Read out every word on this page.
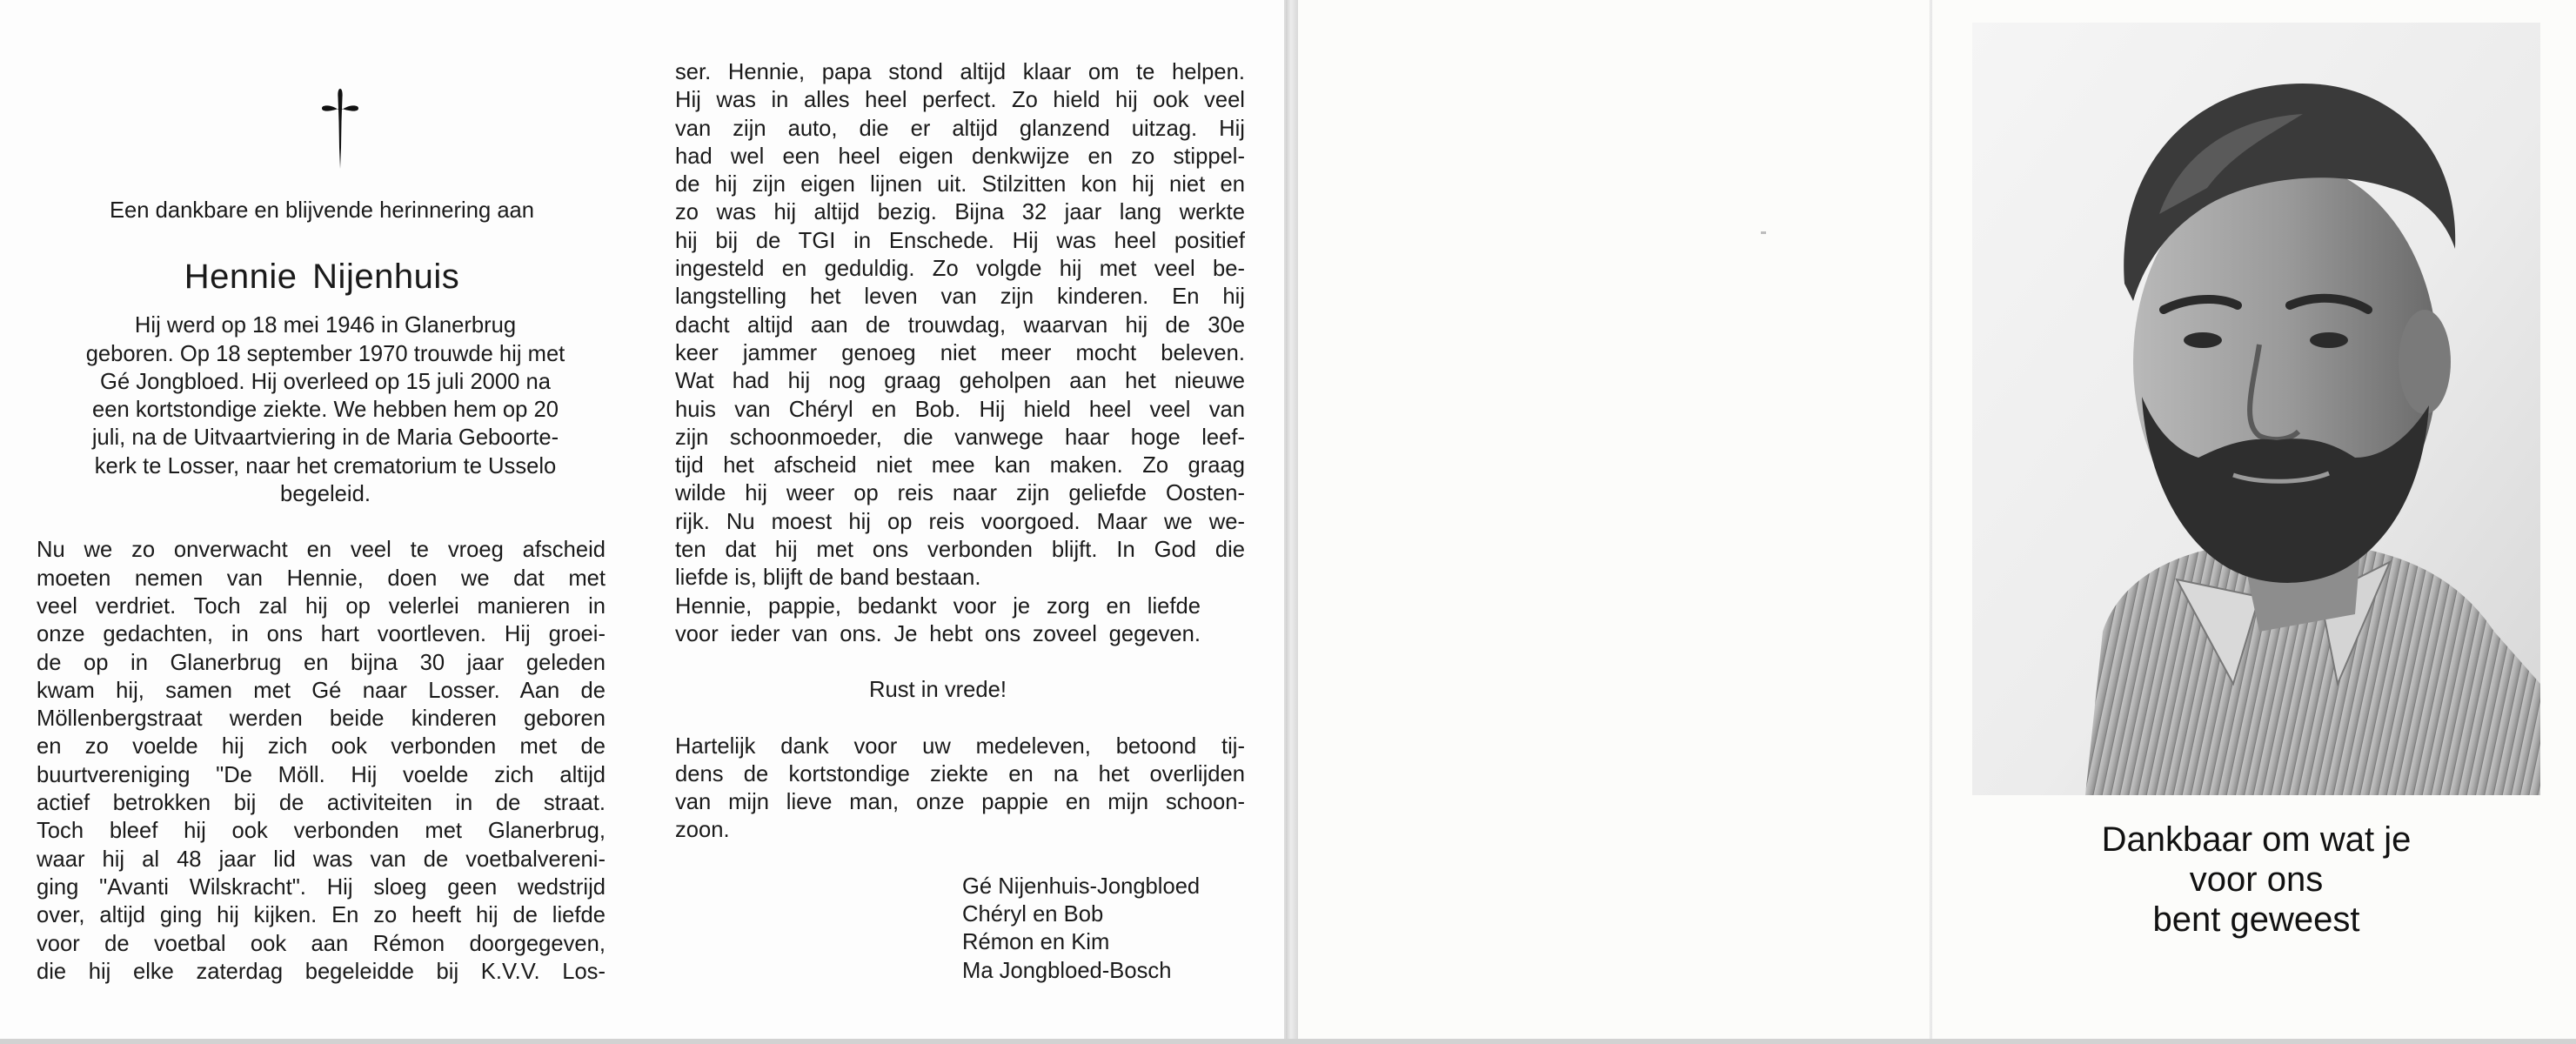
Een dankbare en blijvende herinnering aan
Hennie Nijenhuis
Hij werd op 18 mei 1946 in Glanerbrug
geboren. Op 18 september 1970 trouwde hij met
Gé Jongbloed. Hij overleed op 15 juli 2000 na
een kortstondige ziekte. We hebben hem op 20
juli, na de Uitvaartviering in de Maria Geboorte-
kerk te Losser, naar het crematorium te Usselo
begeleid.
Nu we zo onverwacht en veel te vroeg afscheid
moeten nemen van Hennie, doen we dat met
veel verdriet. Toch zal hij op velerlei manieren in
onze gedachten, in ons hart voortleven. Hij groei-
de op in Glanerbrug en bijna 30 jaar geleden
kwam hij, samen met Gé naar Losser. Aan de
Möllenbergstraat werden beide kinderen geboren
en zo voelde hij zich ook verbonden met de
buurtvereniging "De Möll. Hij voelde zich altijd
actief betrokken bij de activiteiten in de straat.
Toch bleef hij ook verbonden met Glanerbrug,
waar hij al 48 jaar lid was van de voetbalvereni-
ging "Avanti Wilskracht". Hij sloeg geen wedstrijd
over, altijd ging hij kijken. En zo heeft hij de liefde
voor de voetbal ook aan Rémon doorgegeven,
die hij elke zaterdag begeleidde bij K.V.V. Los-
ser. Hennie, papa stond altijd klaar om te helpen.
Hij was in alles heel perfect. Zo hield hij ook veel
van zijn auto, die er altijd glanzend uitzag. Hij
had wel een heel eigen denkwijze en zo stippel-
de hij zijn eigen lijnen uit. Stilzitten kon hij niet en
zo was hij altijd bezig. Bijna 32 jaar lang werkte
hij bij de TGI in Enschede. Hij was heel positief
ingesteld en geduldig. Zo volgde hij met veel be-
langstelling het leven van zijn kinderen. En hij
dacht altijd aan de trouwdag, waarvan hij de 30e
keer jammer genoeg niet meer mocht beleven.
Wat had hij nog graag geholpen aan het nieuwe
huis van Chéryl en Bob. Hij hield heel veel van
zijn schoonmoeder, die vanwege haar hoge leef-
tijd het afscheid niet mee kan maken. Zo graag
wilde hij weer op reis naar zijn geliefde Oosten-
rijk. Nu moest hij op reis voorgoed. Maar we we-
ten dat hij met ons verbonden blijft. In God die
liefde is, blijft de band bestaan.
Hennie, pappie, bedankt voor je zorg en liefde
voor ieder van ons. Je hebt ons zoveel gegeven.
Rust in vrede!
Hartelijk dank voor uw medeleven, betoond tij-
dens de kortstondige ziekte en na het overlijden
van mijn lieve man, onze pappie en mijn schoon-
zoon.
Gé Nijenhuis-Jongbloed
Chéryl en Bob
Rémon en Kim
Ma Jongbloed-Bosch
Dankbaar om wat je
voor ons
bent geweest
